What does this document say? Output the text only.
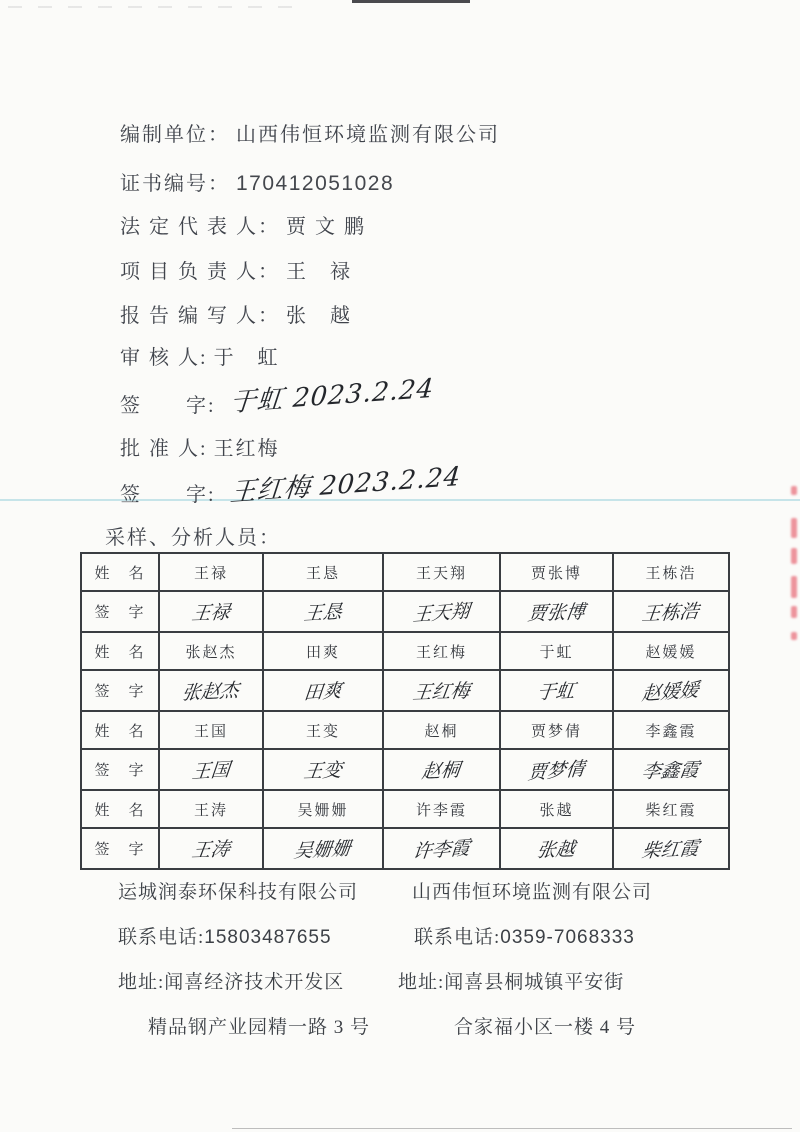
编制单位： 山西伟恒环境监测有限公司
证书编号： 170412051028
法 定 代 表 人： 贾 文 鹏
项 目 负 责 人： 王　禄
报 告 编 写 人： 张　越
审 核 人: 于　虹
签　　字: 于虹 2023.2.24
批 准 人: 王红梅
签　　字: 王红梅 2023.2.24
采样、分析人员：
姓　名	王禄	王恳	王天翔	贾张博	王栋浩
签　字	王禄	王恳	王天翔	贾张博	王栋浩
姓　名	张赵杰	田爽	王红梅	于虹	赵媛媛
签　字	张赵杰	田爽	王红梅	于虹	赵媛媛
姓　名	王国	王变	赵桐	贾梦倩	李鑫霞
签　字	王国	王变	赵桐	贾梦倩	李鑫霞
姓　名	王涛	吴姗姗	许李霞	张越	柴红霞
签　字	王涛	吴姗姗	许李霞	张越	柴红霞
运城润泰环保科技有限公司
联系电话:15803487655
地址:闻喜经济技术开发区
精品钢产业园精一路 3 号
山西伟恒环境监测有限公司
联系电话:0359-7068333
地址:闻喜县桐城镇平安街
合家福小区一楼 4 号
